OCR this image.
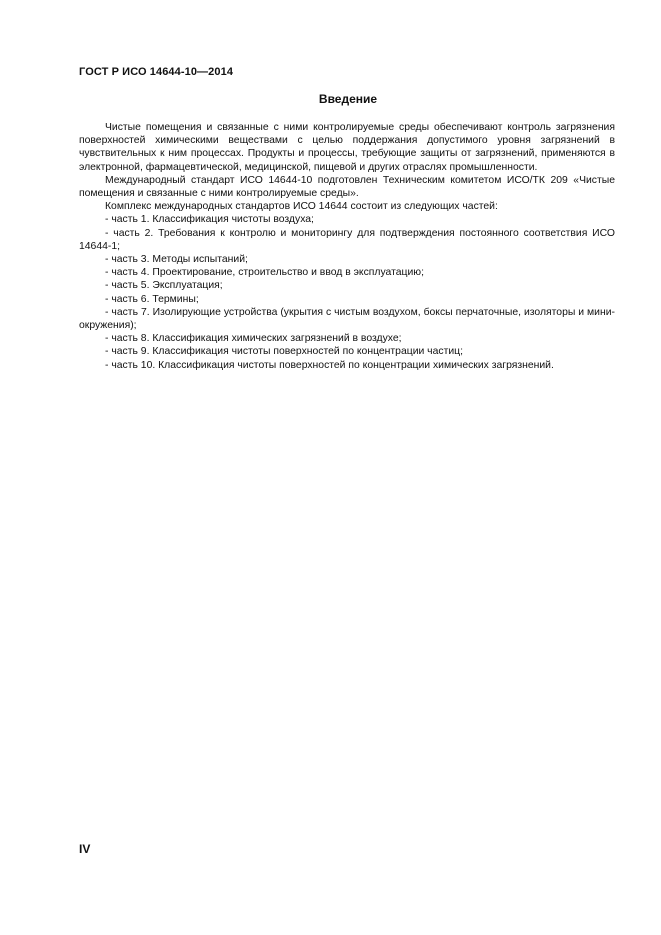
ГОСТ Р ИСО 14644-10—2014
Введение

Чистые помещения и связанные с ними контролируемые среды обеспечивают контроль загрязнения поверхностей химическими веществами с целью поддержания допустимого уровня загрязнений в чувствительных к ним процессах. Продукты и процессы, требующие защиты от загрязнений, применяются в электронной, фармацевтической, медицинской, пищевой и других отраслях промышленности.

Международный стандарт ИСО 14644-10 подготовлен Техническим комитетом ИСО/ТК 209 «Чистые помещения и связанные с ними контролируемые среды».

Комплекс международных стандартов ИСО 14644 состоит из следующих частей:

- часть 1. Классификация чистоты воздуха;

- часть 2. Требования к контролю и мониторингу для подтверждения постоянного соответствия ИСО 14644-1;

- часть 3. Методы испытаний;

- часть 4. Проектирование, строительство и ввод в эксплуатацию;

- часть 5. Эксплуатация;

- часть 6. Термины;

- часть 7. Изолирующие устройства (укрытия с чистым воздухом, боксы перчаточные, изоляторы и мини-окружения);

- часть 8. Классификация химических загрязнений в воздухе;

- часть 9. Классификация чистоты поверхностей по концентрации частиц;

- часть 10. Классификация чистоты поверхностей по концентрации химических загрязнений.

IV
